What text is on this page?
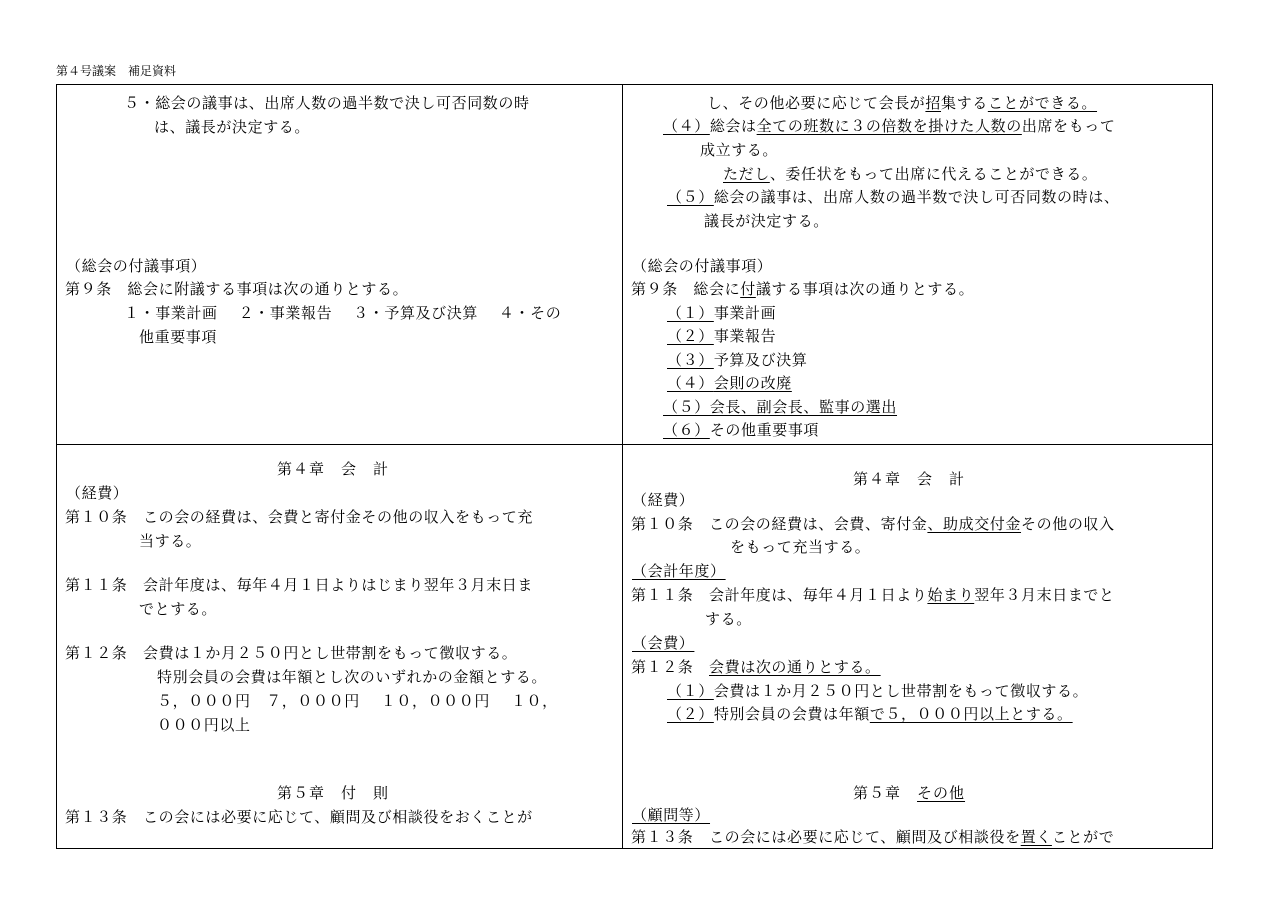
第４号議案　補足資料
５・総会の議事は、出席人数の過半数で決し可否同数の時
は、議長が決定する。
（総会の付議事項）
第９条　総会に附議する事項は次の通りとする。
１・事業計画　 ２・事業報告　 ３・予算及び決算　 ４・その
他重要事項
し、その他必要に応じて会長が招集することができる。
（４）総会は全ての班数に３の倍数を掛けた人数の出席をもって
成立する。
ただし、委任状をもって出席に代えることができる。
（５）総会の議事は、出席人数の過半数で決し可否同数の時は、
議長が決定する。
（総会の付議事項）
第９条　総会に付議する事項は次の通りとする。
（１）事業計画
（２）事業報告
（３）予算及び決算
（４）会則の改廃
（５）会長、副会長、監事の選出
（６）その他重要事項
第４章　会　計
（経費）
第１０条　この会の経費は、会費と寄付金その他の収入をもって充
当する。
第１１条　会計年度は、毎年４月１日よりはじまり翌年３月末日ま
でとする。
第１２条　会費は１か月２５０円とし世帯割をもって徴収する。
特別会員の会費は年額とし次のいずれかの金額とする。
５，０００円　７，０００円　 １０，０００円　 １０，
０００円以上
第５章　付　則
第１３条　この会には必要に応じて、顧問及び相談役をおくことが
第４章　会　計
（経費）
第１０条　この会の経費は、会費、寄付金、助成交付金その他の収入
をもって充当する。
（会計年度）
第１１条　会計年度は、毎年４月１日より始まり翌年３月末日までと
する。
（会費）
第１２条　会費は次の通りとする。
（１）会費は１か月２５０円とし世帯割をもって徴収する。
（２）特別会員の会費は年額で５，０００円以上とする。
第５章　その他
（顧問等）
第１３条　この会には必要に応じて、顧問及び相談役を置くことがで
